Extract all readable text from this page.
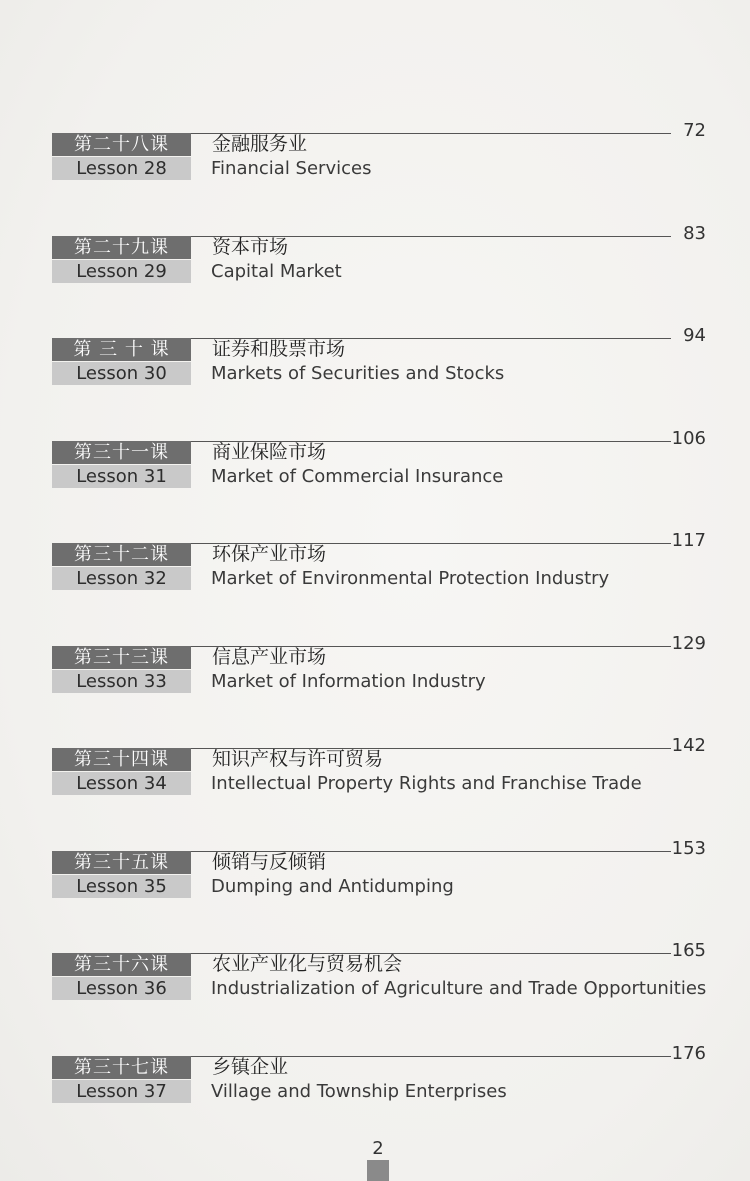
第二十八课
Lesson 28
72
金融服务业
Financial Services
第二十九课
Lesson 29
83
资本市场
Capital Market
第 三 十 课
Lesson 30
94
证券和股票市场
Markets of Securities and Stocks
第三十一课
Lesson 31
106
商业保险市场
Market of Commercial Insurance
第三十二课
Lesson 32
117
环保产业市场
Market of Environmental Protection Industry
第三十三课
Lesson 33
129
信息产业市场
Market of Information Industry
第三十四课
Lesson 34
142
知识产权与许可贸易
Intellectual Property Rights and Franchise Trade
第三十五课
Lesson 35
153
倾销与反倾销
Dumping and Antidumping
第三十六课
Lesson 36
165
农业产业化与贸易机会
Industrialization of Agriculture and Trade Opportunities
第三十七课
Lesson 37
176
乡镇企业
Village and Township Enterprises
2
